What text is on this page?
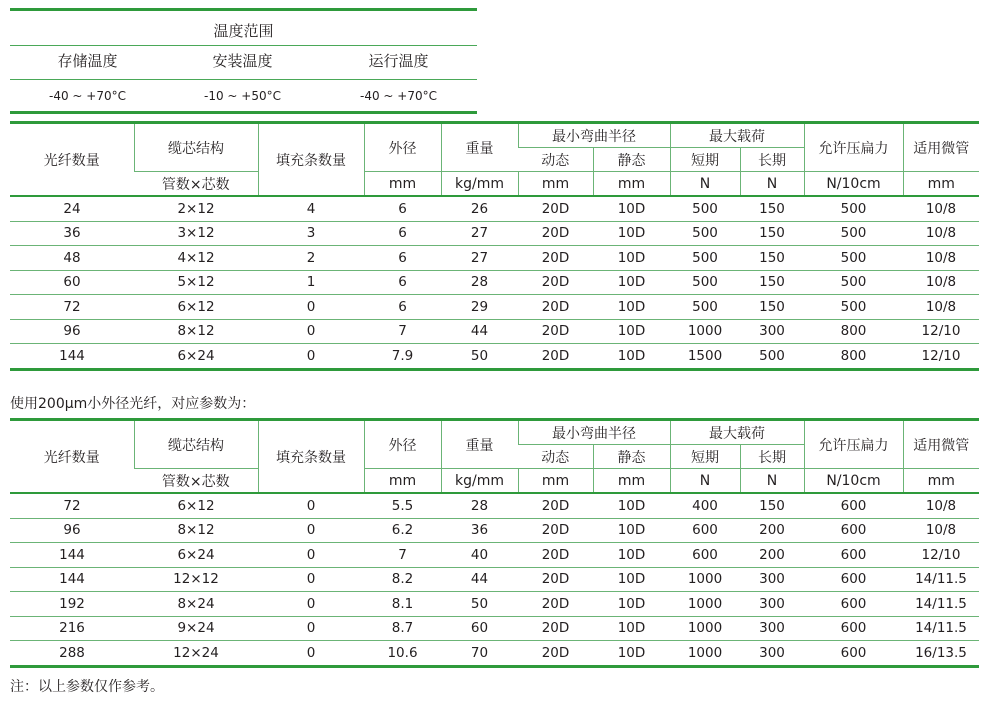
温度范围
存储温度	安装温度	运行温度
-40 ~ +70°C	-10 ~ +50°C	-40 ~ +70°C
光纤数量	缆芯结构	填充条数量	外径	重量	最小弯曲半径		最大载荷		允许压扁力	适用微管
					动态	静态	短期	长期		
	管数×芯数		mm	kg/mm	mm	mm	N	N	N/10cm	mm
24	2×12	4	6	26	20D	10D	500	150	500	10/8
36	3×12	3	6	27	20D	10D	500	150	500	10/8
48	4×12	2	6	27	20D	10D	500	150	500	10/8
60	5×12	1	6	28	20D	10D	500	150	500	10/8
72	6×12	0	6	29	20D	10D	500	150	500	10/8
96	8×12	0	7	44	20D	10D	1000	300	800	12/10
144	6×24	0	7.9	50	20D	10D	1500	500	800	12/10
使用200μm小外径光纤，对应参数为：
光纤数量	缆芯结构	填充条数量	外径	重量	最小弯曲半径		最大载荷		允许压扁力	适用微管
					动态	静态	短期	长期		
	管数×芯数		mm	kg/mm	mm	mm	N	N	N/10cm	mm
72	6×12	0	5.5	28	20D	10D	400	150	600	10/8
96	8×12	0	6.2	36	20D	10D	600	200	600	10/8
144	6×24	0	7	40	20D	10D	600	200	600	12/10
144	12×12	0	8.2	44	20D	10D	1000	300	600	14/11.5
192	8×24	0	8.1	50	20D	10D	1000	300	600	14/11.5
216	9×24	0	8.7	60	20D	10D	1000	300	600	14/11.5
288	12×24	0	10.6	70	20D	10D	1000	300	600	16/13.5
注：以上参数仅作参考。
